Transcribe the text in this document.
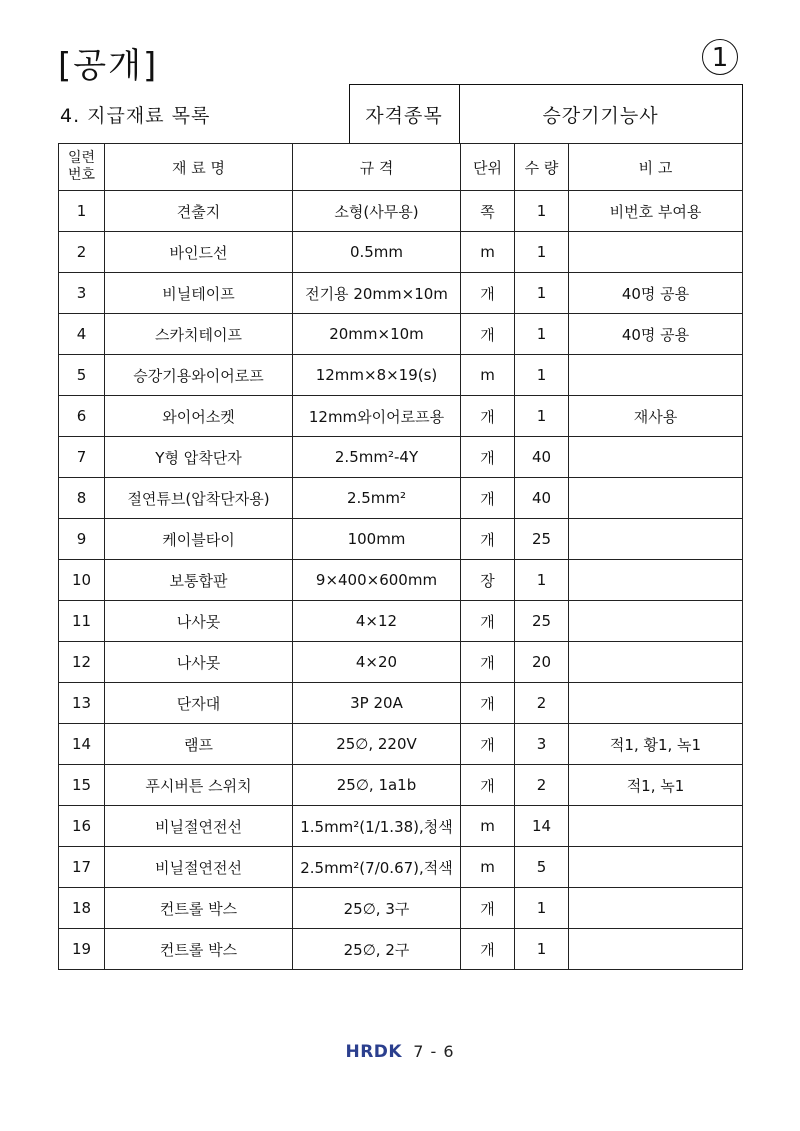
[공개]	1
4. 지급재료 목록	자격종목	승강기기능사
일련
번호	재 료 명	규 격	단위	수 량	비 고
1	견출지	소형(사무용)	쪽	1	비번호 부여용
2	바인드선	0.5mm	m	1	
3	비닐테이프	전기용 20mm×10m	개	1	40명 공용
4	스카치테이프	20mm×10m	개	1	40명 공용
5	승강기용와이어로프	12mm×8×19(s)	m	1	
6	와이어소켓	12mm와이어로프용	개	1	재사용
7	Y형 압착단자	2.5mm²-4Y	개	40	
8	절연튜브(압착단자용)	2.5mm²	개	40	
9	케이블타이	100mm	개	25	
10	보통합판	9×400×600mm	장	1	
11	나사못	4×12	개	25	
12	나사못	4×20	개	20	
13	단자대	3P 20A	개	2	
14	램프	25∅, 220V	개	3	적1, 황1, 녹1
15	푸시버튼 스위치	25∅, 1a1b	개	2	적1, 녹1
16	비닐절연전선	1.5mm²(1/1.38),청색	m	14	
17	비닐절연전선	2.5mm²(7/0.67),적색	m	5	
18	컨트롤 박스	25∅, 3구	개	1	
19	컨트롤 박스	25∅, 2구	개	1	
HRDK 7 - 6
